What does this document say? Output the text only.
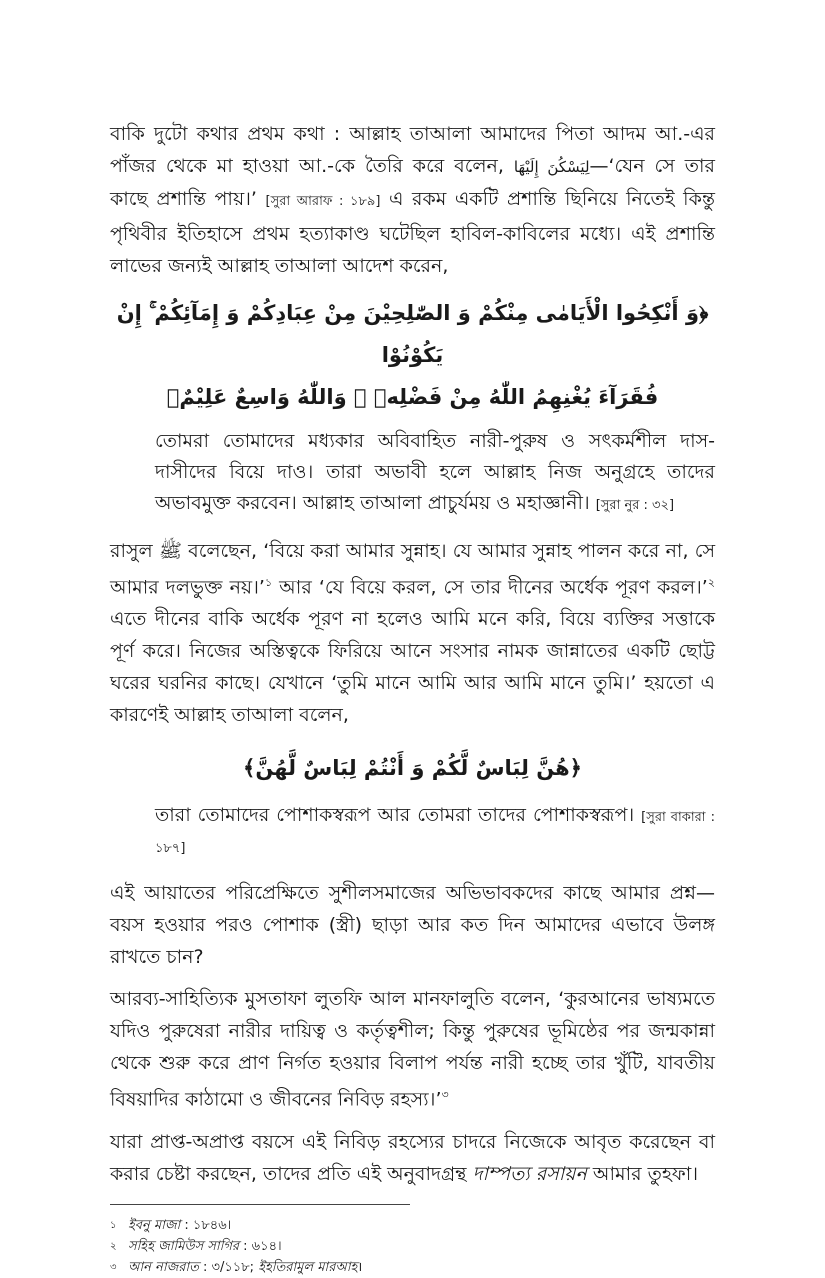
বাকি দুটো কথার প্রথম কথা : আল্লাহ তাআলা আমাদের পিতা আদম আ.-এর পাঁজর থেকে মা হাওয়া আ.-কে তৈরি করে বলেন, لِيَسْكُنَ إِلَيْهَا—‘যেন সে তার কাছে প্রশান্তি পায়।’ [সুরা আরাফ : ১৮৯] এ রকম একটি প্রশান্তি ছিনিয়ে নিতেই কিন্তু পৃথিবীর ইতিহাসে প্রথম হত্যাকাণ্ড ঘটেছিল হাবিল-কাবিলের মধ্যে। এই প্রশান্তি লাভের জন্যই আল্লাহ তাআলা আদেশ করেন,

﴿وَ أَنْكِحُوا الْأَيَامٰى مِنْكُمْ وَ الصّٰلِحِيْنَ مِنْ عِبَادِكُمْ وَ إِمَآئِكُمْ ۚ إِنْ يَكُوْنُوْا
فُقَرَآءَ يُغْنِهِمُ اللّٰهُ مِنْ فَضْلِهٖ ۗ وَاللّٰهُ وَاسِعٌ عَلِيْمٌ﴾

তোমরা তোমাদের মধ্যকার অবিবাহিত নারী-পুরুষ ও সৎকর্মশীল দাস-দাসীদের বিয়ে দাও। তারা অভাবী হলে আল্লাহ নিজ অনুগ্রহে তাদের অভাবমুক্ত করবেন। আল্লাহ তাআলা প্রাচুর্যময় ও মহাজ্ঞানী। [সুরা নুর : ৩২]

রাসুল ﷺ বলেছেন, ‘বিয়ে করা আমার সুন্নাহ। যে আমার সুন্নাহ পালন করে না, সে আমার দলভুক্ত নয়।’$^১$ আর ‘যে বিয়ে করল, সে তার দীনের অর্ধেক পূরণ করল।’$^২$ এতে দীনের বাকি অর্ধেক পূরণ না হলেও আমি মনে করি, বিয়ে ব্যক্তির সত্তাকে পূর্ণ করে। নিজের অস্তিত্বকে ফিরিয়ে আনে সংসার নামক জান্নাতের একটি ছোট্ট ঘরের ঘরনির কাছে। যেখানে ‘তুমি মানে আমি আর আমি মানে তুমি।’ হয়তো এ কারণেই আল্লাহ তাআলা বলেন,

﴿هُنَّ لِبَاسٌ لَّكُمْ وَ أَنْتُمْ لِبَاسٌ لَّهُنَّ﴾

তারা তোমাদের পোশাকস্বরূপ আর তোমরা তাদের পোশাকস্বরূপ। [সুরা বাকারা : ১৮৭]

এই আয়াতের পরিপ্রেক্ষিতে সুশীলসমাজের অভিভাবকদের কাছে আমার প্রশ্ন—বয়স হওয়ার পরও পোশাক (স্ত্রী) ছাড়া আর কত দিন আমাদের এভাবে উলঙ্গ রাখতে চান?

আরব্য-সাহিত্যিক মুসতাফা লুতফি আল মানফালুতি বলেন, ‘কুরআনের ভাষ্যমতে যদিও পুরুষেরা নারীর দায়িত্ব ও কর্তৃত্বশীল; কিন্তু পুরুষের ভূমিষ্ঠের পর জন্মকান্না থেকে শুরু করে প্রাণ নির্গত হওয়ার বিলাপ পর্যন্ত নারী হচ্ছে তার খুঁটি, যাবতীয় বিষয়াদির কাঠামো ও জীবনের নিবিড় রহস্য।’$^৩$

যারা প্রাপ্ত-অপ্রাপ্ত বয়সে এই নিবিড় রহস্যের চাদরে নিজেকে আবৃত করেছেন বা করার চেষ্টা করছেন, তাদের প্রতি এই অনুবাদগ্রন্থ দাম্পত্য রসায়ন আমার তুহফা।

১ ইবনু মাজা : ১৮৪৬।
২ সহিহ জামিউস সাগির : ৬১৪।
৩ আন নাজরাত : ৩/১১৮; ইহতিরামুল মারআহ।
